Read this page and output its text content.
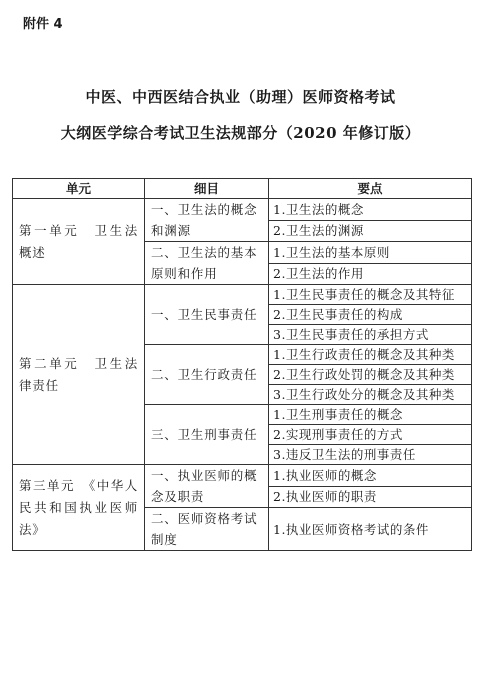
附件 4
中医、中西医结合执业（助理）医师资格考试
大纲医学综合考试卫生法规部分（2020 年修订版）
单元	细目	要点
第一单元　卫生法概述	一、卫生法的概念和渊源	1.卫生法的概念
		2.卫生法的渊源
	二、卫生法的基本原则和作用	1.卫生法的基本原则
		2.卫生法的作用
第二单元　卫生法律责任	一、卫生民事责任	1.卫生民事责任的概念及其特征
		2.卫生民事责任的构成
		3.卫生民事责任的承担方式
	二、卫生行政责任	1.卫生行政责任的概念及其种类
		2.卫生行政处罚的概念及其种类
		3.卫生行政处分的概念及其种类
	三、卫生刑事责任	1.卫生刑事责任的概念
		2.实现刑事责任的方式
		3.违反卫生法的刑事责任
第三单元　《中华人民共和国执业医师法》	一、执业医师的概念及职责	1.执业医师的概念
		2.执业医师的职责
	二、医师资格考试制度	1.执业医师资格考试的条件
